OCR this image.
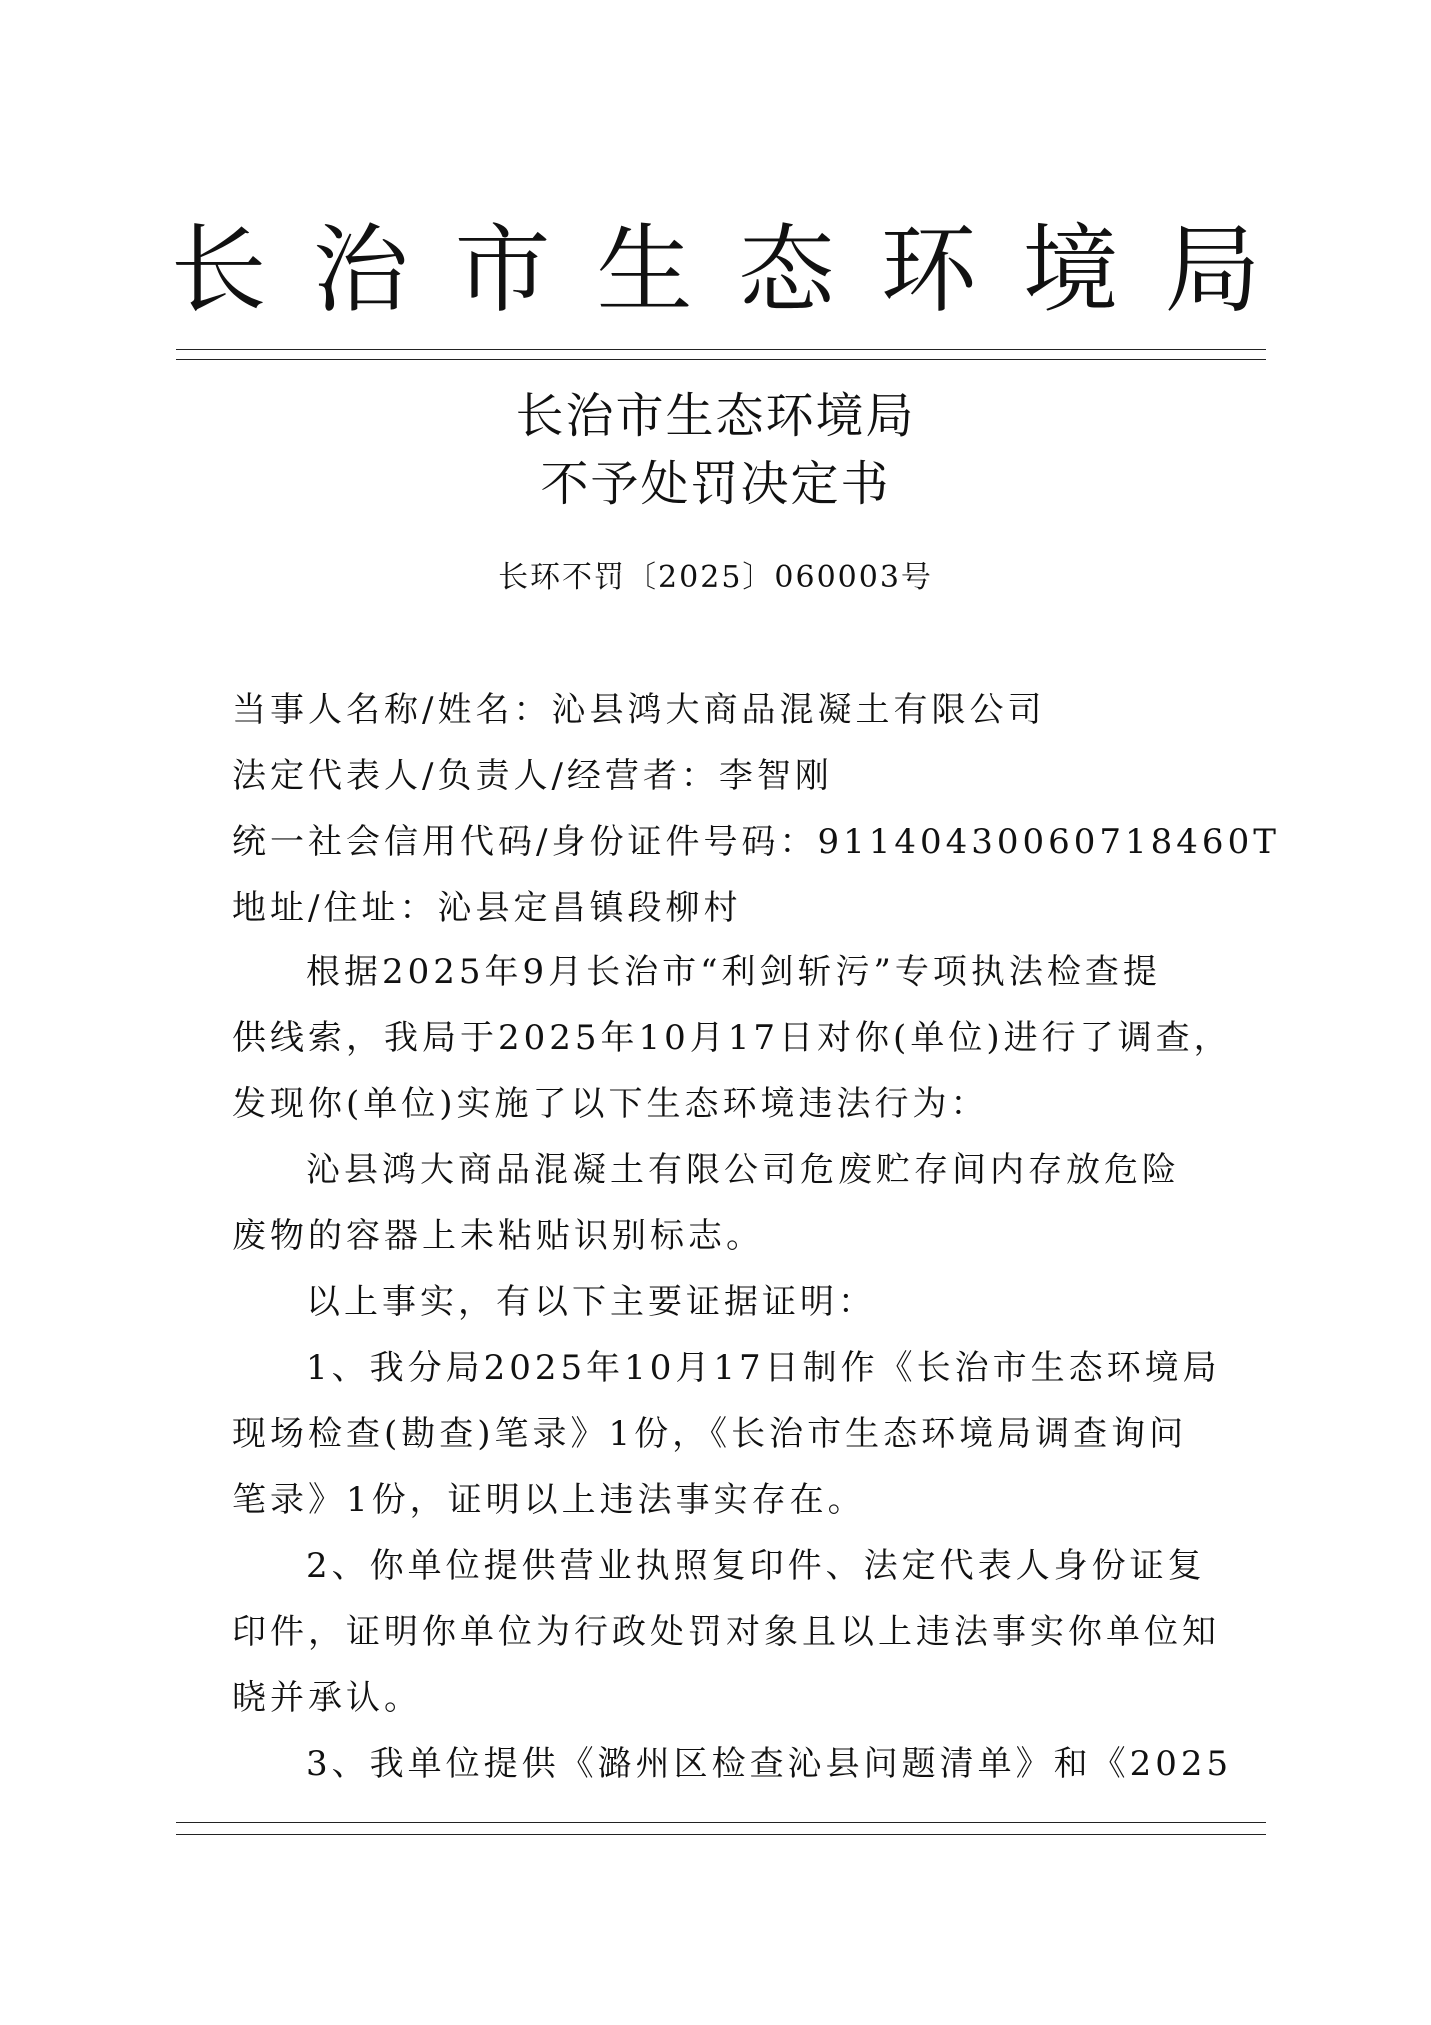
长治市生态环境局
长治市生态环境局
不予处罚决定书
长环不罚〔2025〕060003号
当事人名称/姓名：沁县鸿大商品混凝土有限公司
法定代表人/负责人/经营者：李智刚
统一社会信用代码/身份证件号码：91140430060718460T
地址/住址：沁县定昌镇段柳村
根据2025年9月长治市“利剑斩污”专项执法检查提
供线索，我局于2025年10月17日对你(单位)进行了调查，
发现你(单位)实施了以下生态环境违法行为：
沁县鸿大商品混凝土有限公司危废贮存间内存放危险
废物的容器上未粘贴识别标志。
以上事实，有以下主要证据证明：
1、我分局2025年10月17日制作《长治市生态环境局
现场检查(勘查)笔录》1份，《长治市生态环境局调查询问
笔录》1份，证明以上违法事实存在。
2、你单位提供营业执照复印件、法定代表人身份证复
印件，证明你单位为行政处罚对象且以上违法事实你单位知
晓并承认。
3、我单位提供《潞州区检查沁县问题清单》和《2025
